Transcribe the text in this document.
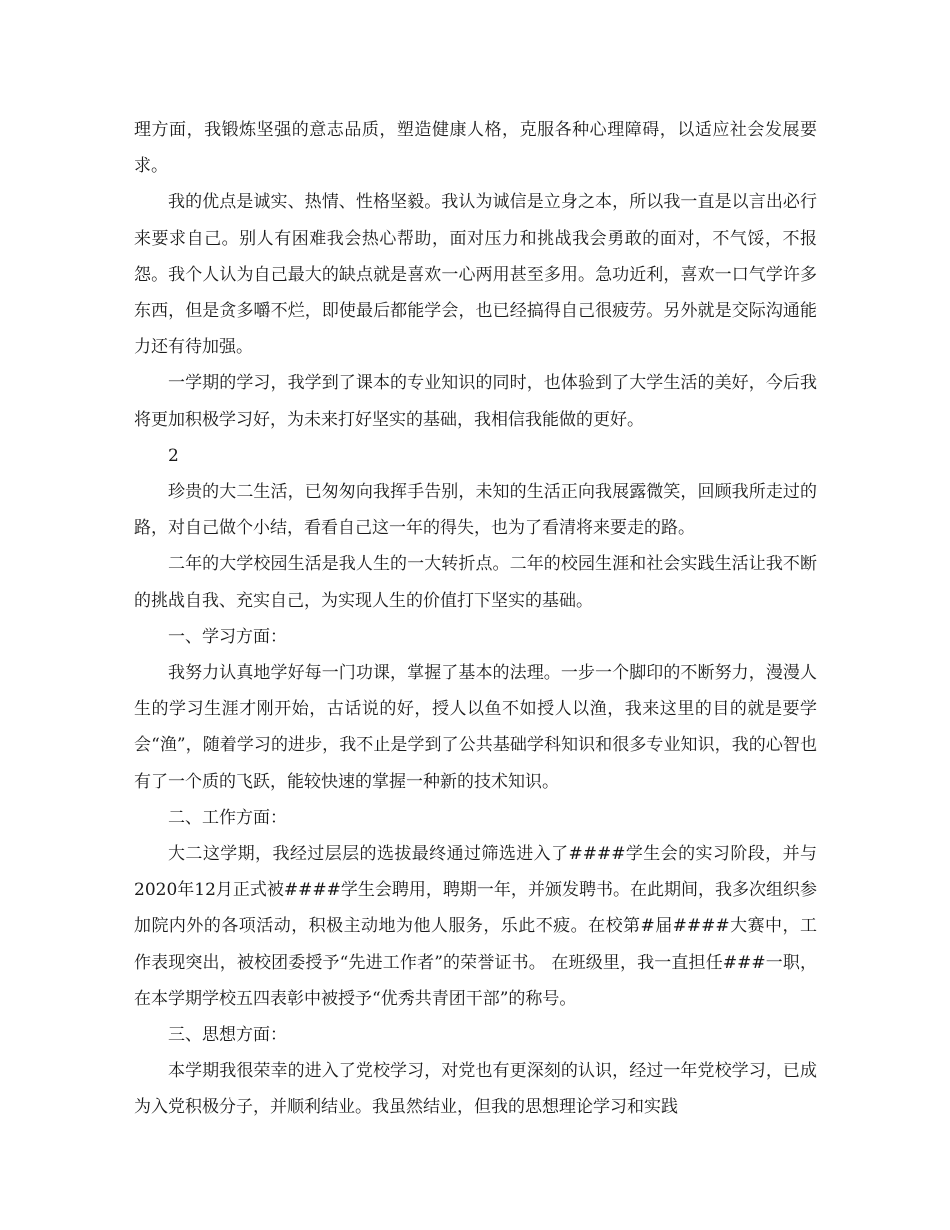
理方面，我锻炼坚强的意志品质，塑造健康人格，克服各种心理障碍，以适应社会发展要求。

我的优点是诚实、热情、性格坚毅。我认为诚信是立身之本，所以我一直是以言出必行来要求自己。别人有困难我会热心帮助，面对压力和挑战我会勇敢的面对，不气馁，不报怨。我个人认为自己最大的缺点就是喜欢一心两用甚至多用。急功近利，喜欢一口气学许多东西，但是贪多嚼不烂，即使最后都能学会，也已经搞得自己很疲劳。另外就是交际沟通能力还有待加强。

一学期的学习，我学到了课本的专业知识的同时，也体验到了大学生活的美好，今后我将更加积极学习好，为未来打好坚实的基础，我相信我能做的更好。

2

珍贵的大二生活，已匆匆向我挥手告别，未知的生活正向我展露微笑，回顾我所走过的路，对自己做个小结，看看自己这一年的得失，也为了看清将来要走的路。

二年的大学校园生活是我人生的一大转折点。二年的校园生涯和社会实践生活让我不断的挑战自我、充实自己，为实现人生的价值打下坚实的基础。

一、学习方面：

我努力认真地学好每一门功课，掌握了基本的法理。一步一个脚印的不断努力，漫漫人生的学习生涯才刚开始，古话说的好，授人以鱼不如授人以渔，我来这里的目的就是要学会“渔”，随着学习的进步，我不止是学到了公共基础学科知识和很多专业知识，我的心智也有了一个质的飞跃，能较快速的掌握一种新的技术知识。

二、工作方面：

大二这学期，我经过层层的选拔最终通过筛选进入了####学生会的实习阶段，并与2020年12月正式被####学生会聘用，聘期一年，并颁发聘书。在此期间，我多次组织参加院内外的各项活动，积极主动地为他人服务，乐此不疲。在校第#届####大赛中，工作表现突出，被校团委授予“先进工作者”的荣誉证书。 在班级里，我一直担任###一职，在本学期学校五四表彰中被授予“优秀共青团干部”的称号。

三、思想方面：

本学期我很荣幸的进入了党校学习，对党也有更深刻的认识，经过一年党校学习，已成为入党积极分子，并顺利结业。我虽然结业，但我的思想理论学习和实践
